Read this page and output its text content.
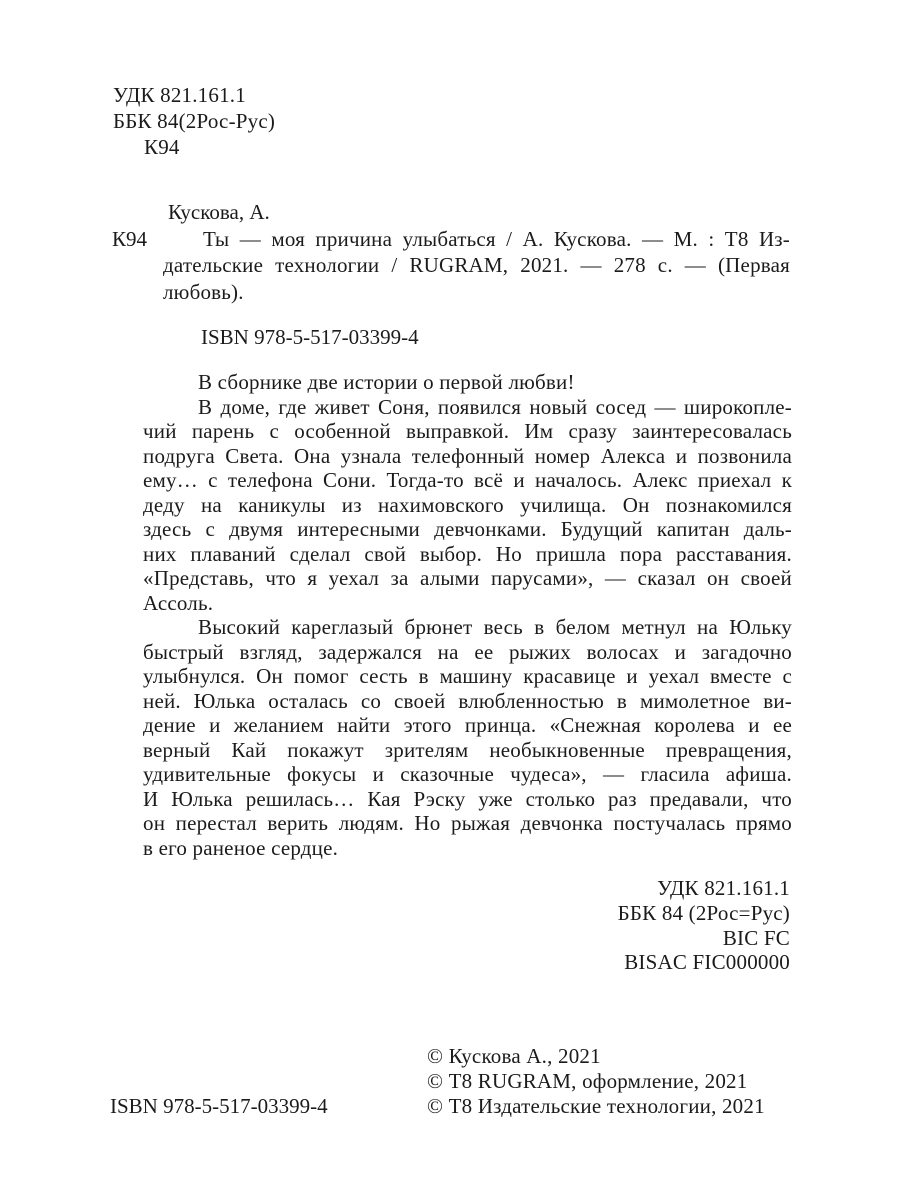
УДК 821.161.1
ББК 84(2Рос-Рус)
К94
Кускова, А.
К94	Ты — моя причина улыбаться / А. Кускова. — М. : Т8 Из-
дательские технологии / RUGRAM, 2021. — 278 с. — (Первая
любовь).
ISBN 978-5-517-03399-4
В сборнике две истории о первой любви!
В доме, где живет Соня, появился новый сосед — широкопле-
чий парень с особенной выправкой. Им сразу заинтересовалась
подруга Света. Она узнала телефонный номер Алекса и позвонила
ему… с телефона Сони. Тогда-то всё и началось. Алекс приехал к
деду на каникулы из нахимовского училища. Он познакомился
здесь с двумя интересными девчонками. Будущий капитан даль-
них плаваний сделал свой выбор. Но пришла пора расставания.
«Представь, что я уехал за алыми парусами», — сказал он своей
Ассоль.
Высокий кареглазый брюнет весь в белом метнул на Юльку
быстрый взгляд, задержался на ее рыжих волосах и загадочно
улыбнулся. Он помог сесть в машину красавице и уехал вместе с
ней. Юлька осталась со своей влюбленностью в мимолетное ви-
дение и желанием найти этого принца. «Снежная королева и ее
верный Кай покажут зрителям необыкновенные превращения,
удивительные фокусы и сказочные чудеса», — гласила афиша.
И Юлька решилась… Кая Рэску уже столько раз предавали, что
он перестал верить людям. Но рыжая девчонка постучалась прямо
в его раненое сердце.
УДК 821.161.1
ББК 84 (2Рос=Рус)
BIC FC
BISAC FIC000000
© Кускова А., 2021
© Т8 RUGRAM, оформление, 2021
© Т8 Издательские технологии, 2021
ISBN 978-5-517-03399-4
